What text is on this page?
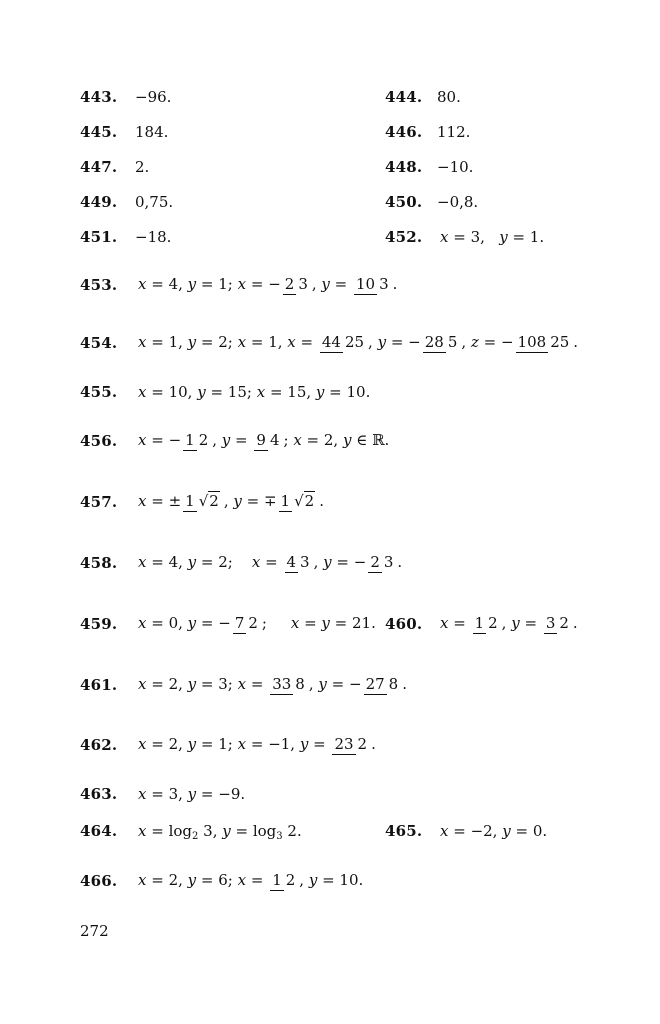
443. −96.	444. 80.
445. 184.	446. 112.
447. 2.	448. −10.
449. 0,75.	450. −0,8.
451. −18.	452. x = 3,   y = 1.
453. x = 4, y = 1; x = − 2 3 , y = 10 3 .
454. x = 1, y = 2; x = 1, x = 44 25 , y = − 28 5 , z = − 108 25 .
455. x = 10, y = 15; x = 15, y = 10.
456. x = − 1 2 , y = 9 4 ; x = 2, y ∈ ℝ.
457. x = ± 1 √2 , y = ∓ 1 √2 .
458. x = 4, y = 2; x = 4 3 , y = − 2 3 .
459. x = 0, y = − 7 2 ; x = y = 21. 460. x = 1 2 , y = 3 2 .
461. x = 2, y = 3; x = 33 8 , y = − 27 8 .
462. x = 2, y = 1; x = −1, y = 23 2 .
463. x = 3, y = −9.
464. $x = \log_2 3$, $y = \log_3 2$.	465. x = −2, y = 0.
466. x = 2, y = 6; x = 1 2 , y = 10.
272
